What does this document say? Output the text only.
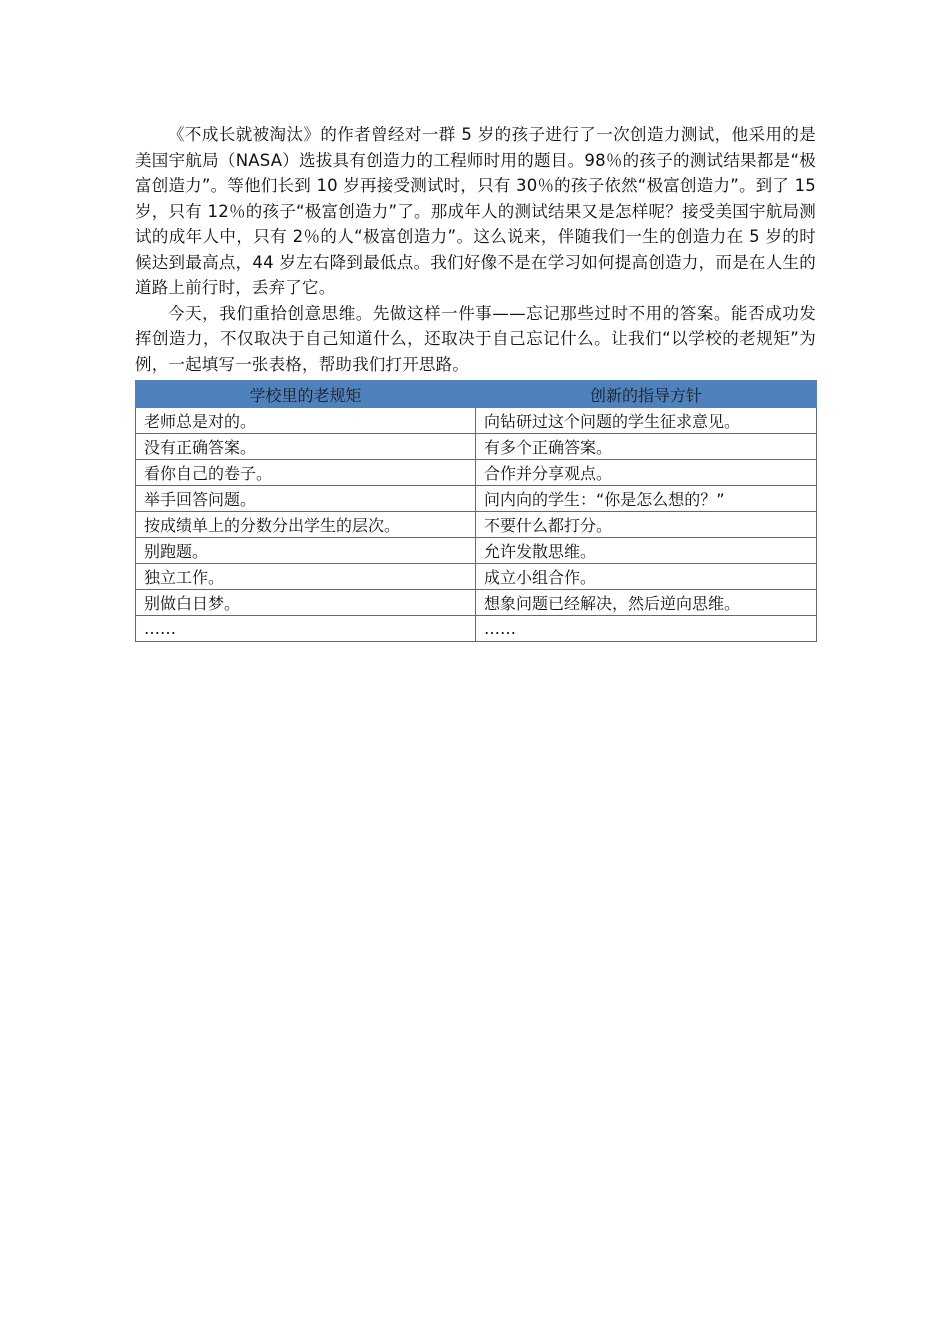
《不成长就被淘汰》的作者曾经对一群 5 岁的孩子进行了一次创造力测试，他采用的是美国宇航局（NASA）选拔具有创造力的工程师时用的题目。98％的孩子的测试结果都是“极富创造力”。等他们长到 10 岁再接受测试时，只有 30％的孩子依然“极富创造力”。到了 15 岁，只有 12％的孩子“极富创造力”了。那成年人的测试结果又是怎样呢？接受美国宇航局测试的成年人中，只有 2％的人“极富创造力”。这么说来，伴随我们一生的创造力在 5 岁的时候达到最高点，44 岁左右降到最低点。我们好像不是在学习如何提高创造力，而是在人生的道路上前行时，丢弃了它。

今天，我们重拾创意思维。先做这样一件事——忘记那些过时不用的答案。能否成功发挥创造力，不仅取决于自己知道什么，还取决于自己忘记什么。让我们“以学校的老规矩”为例，一起填写一张表格，帮助我们打开思路。

学校里的老规矩	创新的指导方针
老师总是对的。	向钻研过这个问题的学生征求意见。
没有正确答案。	有多个正确答案。
看你自己的卷子。	合作并分享观点。
举手回答问题。	问内向的学生：“你是怎么想的？”
按成绩单上的分数分出学生的层次。	不要什么都打分。
别跑题。	允许发散思维。
独立工作。	成立小组合作。
别做白日梦。	想象问题已经解决，然后逆向思维。
……	……
